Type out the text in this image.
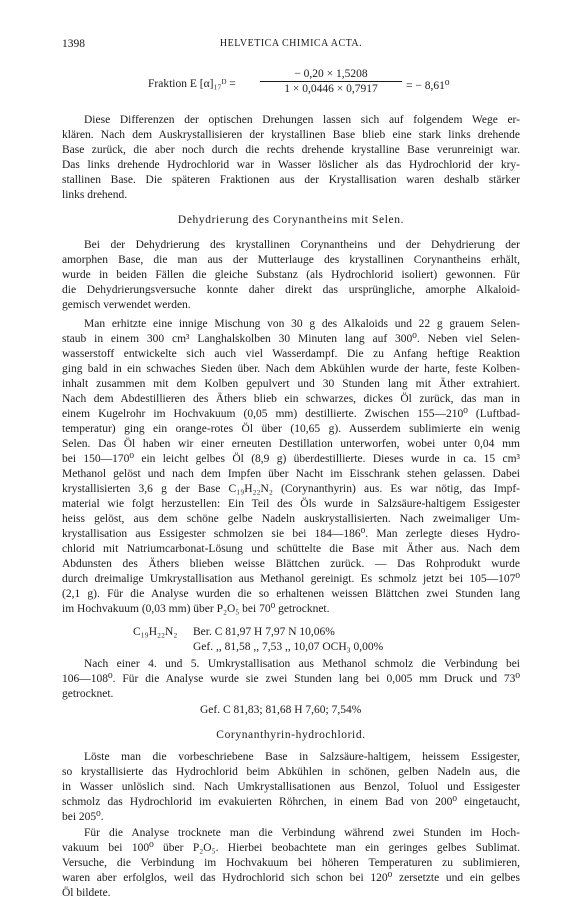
1398	HELVETICA CHIMICA ACTA.
Fraktion E [α]₁₇ᴰ = $\frac{- 0,20 \times 1,5208}{1 \times 0,0446 \times 0,7917}$ = − 8,61⁰
Diese Differenzen der optischen Drehungen lassen sich auf folgendem Wege er-
klären. Nach dem Auskrystallisieren der krystallinen Base blieb eine stark links drehende
Base zurück, die aber noch durch die rechts drehende krystalline Base verunreinigt war.
Das links drehende Hydrochlorid war in Wasser löslicher als das Hydrochlorid der kry-
stallinen Base. Die späteren Fraktionen aus der Krystallisation waren deshalb stärker
links drehend.
Dehydrierung des Corynantheins mit Selen.
Bei der Dehydrierung des krystallinen Corynantheins und der Dehydrierung der
amorphen Base, die man aus der Mutterlauge des krystallinen Corynantheins erhält,
wurde in beiden Fällen die gleiche Substanz (als Hydrochlorid isoliert) gewonnen. Für
die Dehydrierungsversuche konnte daher direkt das ursprüngliche, amorphe Alkaloid-
gemisch verwendet werden.
Man erhitzte eine innige Mischung von 30 g des Alkaloids und 22 g grauem Selen-
staub in einem 300 cm³ Langhalskolben 30 Minuten lang auf 300⁰. Neben viel Selen-
wasserstoff entwickelte sich auch viel Wasserdampf. Die zu Anfang heftige Reaktion
ging bald in ein schwaches Sieden über. Nach dem Abkühlen wurde der harte, feste Kolben-
inhalt zusammen mit dem Kolben gepulvert und 30 Stunden lang mit Äther extrahiert.
Nach dem Abdestillieren des Äthers blieb ein schwarzes, dickes Öl zurück, das man in
einem Kugelrohr im Hochvakuum (0,05 mm) destillierte. Zwischen 155—210⁰ (Luftbad-
temperatur) ging ein orange-rotes Öl über (10,65 g). Ausserdem sublimierte ein wenig
Selen. Das Öl haben wir einer erneuten Destillation unterworfen, wobei unter 0,04 mm
bei 150—170⁰ ein leicht gelbes Öl (8,9 g) überdestillierte. Dieses wurde in ca. 15 cm³
Methanol gelöst und nach dem Impfen über Nacht im Eisschrank stehen gelassen. Dabei
krystallisierten 3,6 g der Base C₁₉H₂₂N₂ (Corynanthyrin) aus. Es war nötig, das Impf-
material wie folgt herzustellen: Ein Teil des Öls wurde in Salzsäure-haltigem Essigester
heiss gelöst, aus dem schöne gelbe Nadeln auskrystallisierten. Nach zweimaliger Um-
krystallisation aus Essigester schmolzen sie bei 184—186⁰. Man zerlegte dieses Hydro-
chlorid mit Natriumcarbonat-Lösung und schüttelte die Base mit Äther aus. Nach dem
Abdunsten des Äthers blieben weisse Blättchen zurück. — Das Rohprodukt wurde
durch dreimalige Umkrystallisation aus Methanol gereinigt. Es schmolz jetzt bei 105—107⁰
(2,1 g). Für die Analyse wurden die so erhaltenen weissen Blättchen zwei Stunden lang
im Hochvakuum (0,03 mm) über P₂O₅ bei 70⁰ getrocknet.
C₁₉H₂₂N₂ Ber. C 81,97 H 7,97 N 10,06%
Gef. ,, 81,58 ,, 7,53 ,, 10,07 OCH₃ 0,00%
Nach einer 4. und 5. Umkrystallisation aus Methanol schmolz die Verbindung bei
106—108⁰. Für die Analyse wurde sie zwei Stunden lang bei 0,005 mm Druck und 73⁰
getrocknet.
Gef. C 81,83; 81,68 H 7,60; 7,54%
Corynanthyrin-hydrochlorid.
Löste man die vorbeschriebene Base in Salzsäure-haltigem, heissem Essigester,
so krystallisierte das Hydrochlorid beim Abkühlen in schönen, gelben Nadeln aus, die
in Wasser unlöslich sind. Nach Umkrystallisationen aus Benzol, Toluol und Essigester
schmolz das Hydrochlorid im evakuierten Röhrchen, in einem Bad von 200⁰ eingetaucht,
bei 205⁰.
Für die Analyse trocknete man die Verbindung während zwei Stunden im Hoch-
vakuum bei 100⁰ über P₂O₅. Hierbei beobachtete man ein geringes gelbes Sublimat.
Versuche, die Verbindung im Hochvakuum bei höheren Temperaturen zu sublimieren,
waren aber erfolglos, weil das Hydrochlorid sich schon bei 120⁰ zersetzte und ein gelbes
Öl bildete.
